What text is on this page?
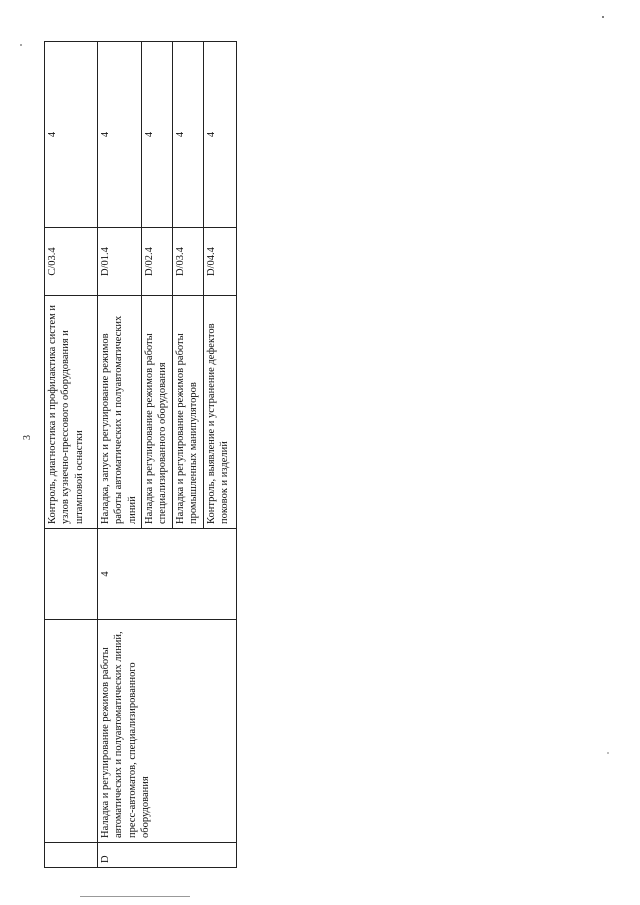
3
			Контроль, диагностика и профилактика систем и узлов кузнечно-прессового оборудования и штамповой оснастки	C/03.4	4
D	Наладка и регулирование режимов работы автоматических и полуавтоматических линий, пресс-автоматов, специализированного оборудования	4	Наладка, запуск и регулирование режимов работы автоматических и полуавтоматических линий	D/01.4	4
			Наладка и регулирование режимов работы специализированного оборудования	D/02.4	4
			Наладка и регулирование режимов работы промышленных манипуляторов	D/03.4	4
			Контроль, выявление и устранение дефектов поковок и изделий	D/04.4	4
